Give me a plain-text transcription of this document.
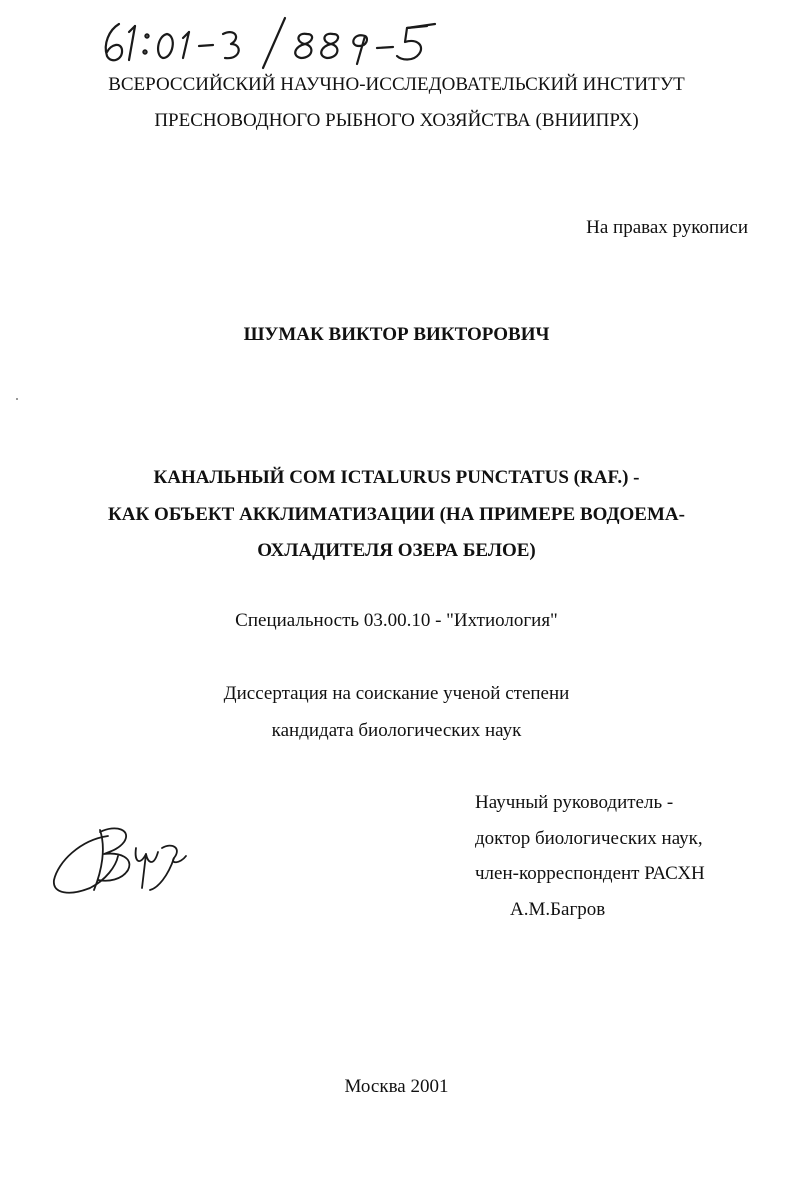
ВСЕРОССИЙСКИЙ НАУЧНО-ИССЛЕДОВАТЕЛЬСКИЙ ИНСТИТУТ
ПРЕСНОВОДНОГО РЫБНОГО ХОЗЯЙСТВА (ВНИИПРХ)
На правах рукописи
ШУМАК ВИКТОР ВИКТОРОВИЧ
КАНАЛЬНЫЙ СОМ ICTALURUS PUNCTATUS (RAF.) -
КАК ОБЪЕКТ АККЛИМАТИЗАЦИИ (НА ПРИМЕРЕ ВОДОЕМА-
ОХЛАДИТЕЛЯ ОЗЕРА БЕЛОЕ)
Специальность 03.00.10 - "Ихтиология"
Диссертация на соискание ученой степени
кандидата биологических наук
Научный руководитель -
доктор биологических наук,
член-корреспондент РАСХН
А.М.Багров
Москва 2001
